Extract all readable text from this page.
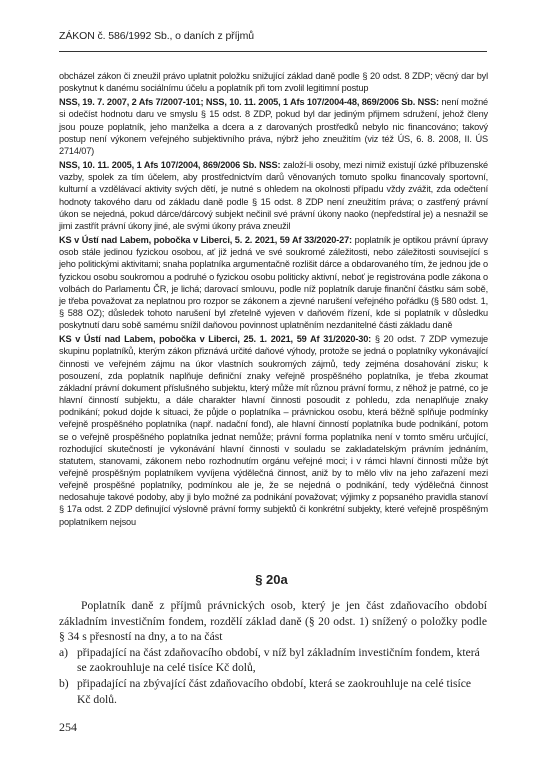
ZÁKON č. 586/1992 Sb., o daních z příjmů

obcházel zákon či zneužil právo uplatnit položku snižující základ daně podle § 20 odst. 8 ZDP; věcný dar byl poskytnut k danému sociálnímu účelu a poplatník při tom zvolil legitimní postup

NSS, 19. 7. 2007, 2 Afs 7/2007-101; NSS, 10. 11. 2005, 1 Afs 107/2004-48, 869/2006 Sb. NSS: není možné si odečíst hodnotu daru ve smyslu § 15 odst. 8 ZDP, pokud byl dar jediným přijmem sdružení, jehož členy jsou pouze poplatník, jeho manželka a dcera a z darovaných prostředků nebylo nic financováno; takový postup není výkonem veřejného subjektivního práva, nýbrž jeho zneužitím (viz též ÚS, 6. 8. 2008, II. ÚS 2714/07)

NSS, 10. 11. 2005, 1 Afs 107/2004, 869/2006 Sb. NSS: založí-li osoby, mezi nimiž existují úzké příbuzenské vazby, spolek za tím účelem, aby prostřednictvím darů věnovaných tomuto spolku financovaly sportovní, kulturní a vzdělávací aktivity svých dětí, je nutné s ohledem na okolnosti případu vždy zvážit, zda odečtení hodnoty takového daru od základu daně podle § 15 odst. 8 ZDP není zneužitím práva; o zastřený právní úkon se nejedná, pokud dárce/dárcový subjekt nečinil své právní úkony naoko (nepředstíral je) a nesnažil se jimi zastřít právní úkony jiné, ale svými úkony práva zneužil

KS v Ústí nad Labem, pobočka v Liberci, 5. 2. 2021, 59 Af 33/2020-27: poplatník je optikou právní úpravy osob stále jedinou fyzickou osobou, ať již jedná ve své soukromé záležitosti, nebo záležitosti související s jeho politickými aktivitami; snaha poplatníka argumentačně rozlišit dárce a obdarovaného tím, že jednou jde o fyzickou osobu soukromou a podruhé o fyzickou osobu politicky aktivní, neboť je registrována podle zákona o volbách do Parlamentu ČR, je lichá; darovací smlouvu, podle níž poplatník daruje finanční částku sám sobě, je třeba považovat za neplatnou pro rozpor se zákonem a zjevné narušení veřejného pořádku (§ 580 odst. 1, § 588 OZ); důsledek tohoto narušení byl zřetelně vyjeven v daňovém řízení, kde si poplatník v důsledku poskytnutí daru sobě samému snížil daňovou povinnost uplatněním nezdanitelné části základu daně

KS v Ústí nad Labem, pobočka v Liberci, 25. 1. 2021, 59 Af 31/2020-30: § 20 odst. 7 ZDP vymezuje skupinu poplatníků, kterým zákon přiznává určité daňové výhody, protože se jedná o poplatníky vykonávající činnosti ve veřejném zájmu na úkor vlastních soukromých zájmů, tedy zejména dosahování zisku; k posouzení, zda poplatník naplňuje definiční znaky veřejně prospěšného poplatníka, je třeba zkoumat základní právní dokument příslušného subjektu, který může mít různou právní formu, z něhož je patrné, co je hlavní činností subjektu, a dále charakter hlavní činnosti posoudit z pohledu, zda nenaplňuje znaky podnikání; pokud dojde k situaci, že půjde o poplatníka – právnickou osobu, která běžně splňuje podmínky veřejně prospěšného poplatníka (např. nadační fond), ale hlavní činností poplatníka bude podnikání, potom se o veřejně prospěšného poplatníka jednat nemůže; právní forma poplatníka není v tomto směru určující, rozhodující skutečností je vykonávání hlavní činnosti v souladu se zakladatelským právním jednáním, statutem, stanovami, zákonem nebo rozhodnutím orgánu veřejné moci; i v rámci hlavní činnosti může být veřejně prospěšným poplatníkem vyvíjena výdělečná činnost, aniž by to mělo vliv na jeho zařazení mezi veřejně prospěšné poplatníky, podmínkou ale je, že se nejedná o podnikání, tedy výdělečná činnost nedosahuje takové podoby, aby ji bylo možné za podnikání považovat; výjimky z popsaného pravidla stanoví § 17a odst. 2 ZDP definující výslovně právní formy subjektů či konkrétní subjekty, které veřejně prospěšným poplatníkem nejsou

§ 20a

Poplatník daně z příjmů právnických osob, který je jen část zdaňovacího období základním investičním fondem, rozdělí základ daně (§ 20 odst. 1) snížený o položky podle § 34 s přesností na dny, a to na část

a) připadající na část zdaňovacího období, v níž byl základním investičním fondem, která se zaokrouhluje na celé tisíce Kč dolů,
b) připadající na zbývající část zdaňovacího období, která se zaokrouhluje na celé tisíce Kč dolů.
254
